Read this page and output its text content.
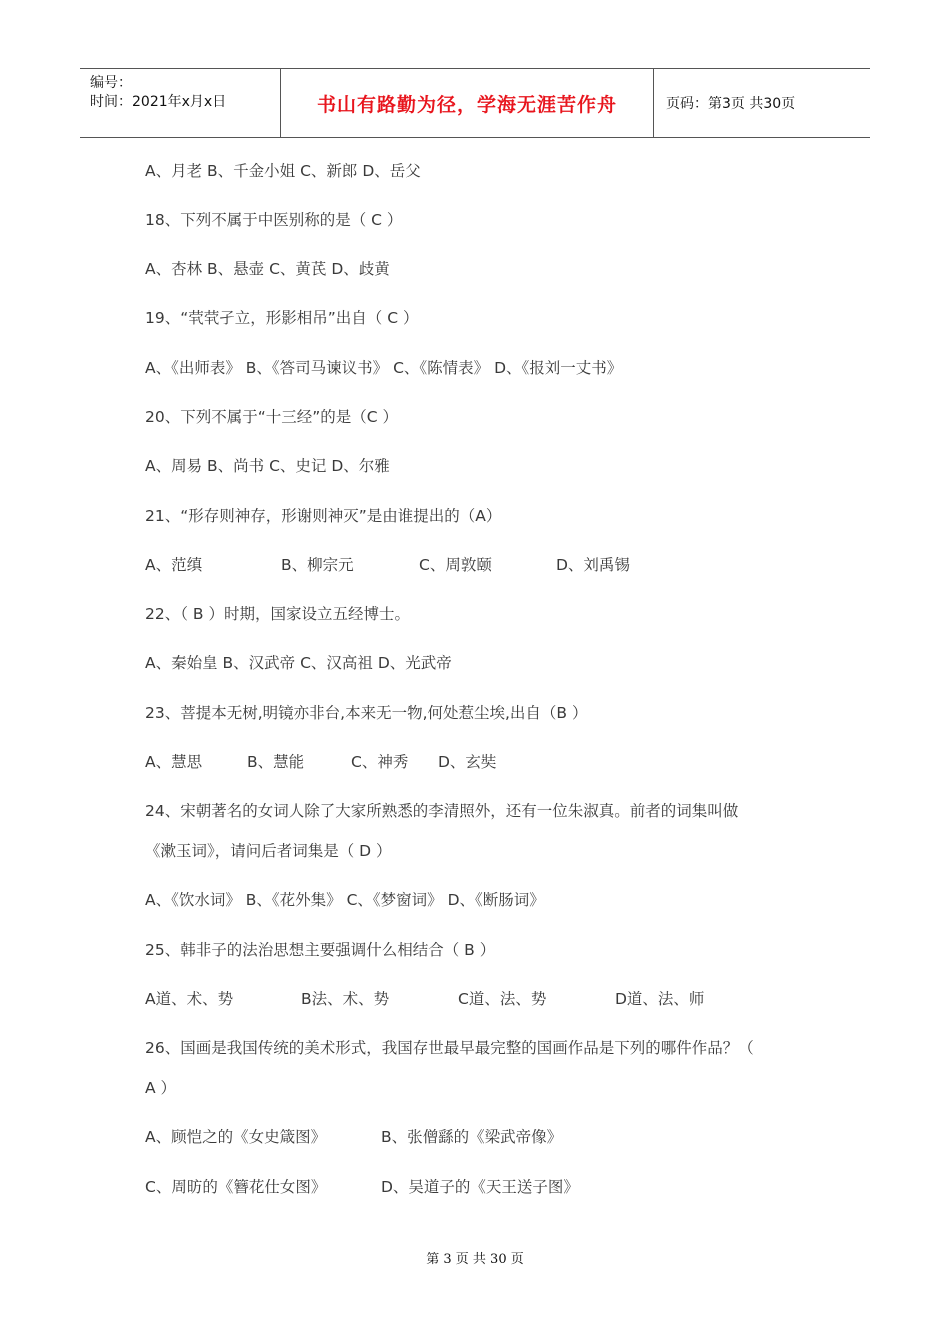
编号：
时间：2021年x月x日	书山有路勤为径，学海无涯苦作舟	页码：第3页 共30页
A、月老 B、千金小姐 C、新郎 D、岳父
18、下列不属于中医别称的是（ C ）
A、杏林 B、悬壶 C、黄芪 D、歧黄
19、“茕茕孑立，形影相吊”出自（ C ）
A、《出师表》 B、《答司马谏议书》 C、《陈情表》 D、《报刘一丈书》
20、下列不属于“十三经”的是（C ）
A、周易 B、尚书 C、史记 D、尔雅
21、“形存则神存，形谢则神灭”是由谁提出的（A）
A、范缜	B、柳宗元	C、周敦颐	D、刘禹锡
22、（ B ）时期，国家设立五经博士。
A、秦始皇 B、汉武帝 C、汉高祖 D、光武帝
23、菩提本无树,明镜亦非台,本来无一物,何处惹尘埃,出自（B ）
A、慧思	B、慧能	C、神秀 D、玄奘
24、宋朝著名的女词人除了大家所熟悉的李清照外，还有一位朱淑真。前者的词集叫做
《漱玉词》，请问后者词集是（ D ）
A、《饮水词》 B、《花外集》 C、《梦窗词》 D、《断肠词》
25、韩非子的法治思想主要强调什么相结合（ B ）
A道、术、势	B法、术、势	C道、法、势	D道、法、师
26、国画是我国传统的美术形式，我国存世最早最完整的国画作品是下列的哪件作品？（
A ）
A、顾恺之的《女史箴图》	B、张僧繇的《梁武帝像》
C、周昉的《簪花仕女图》	D、吴道子的《天王送子图》
第 3 页 共 30 页
